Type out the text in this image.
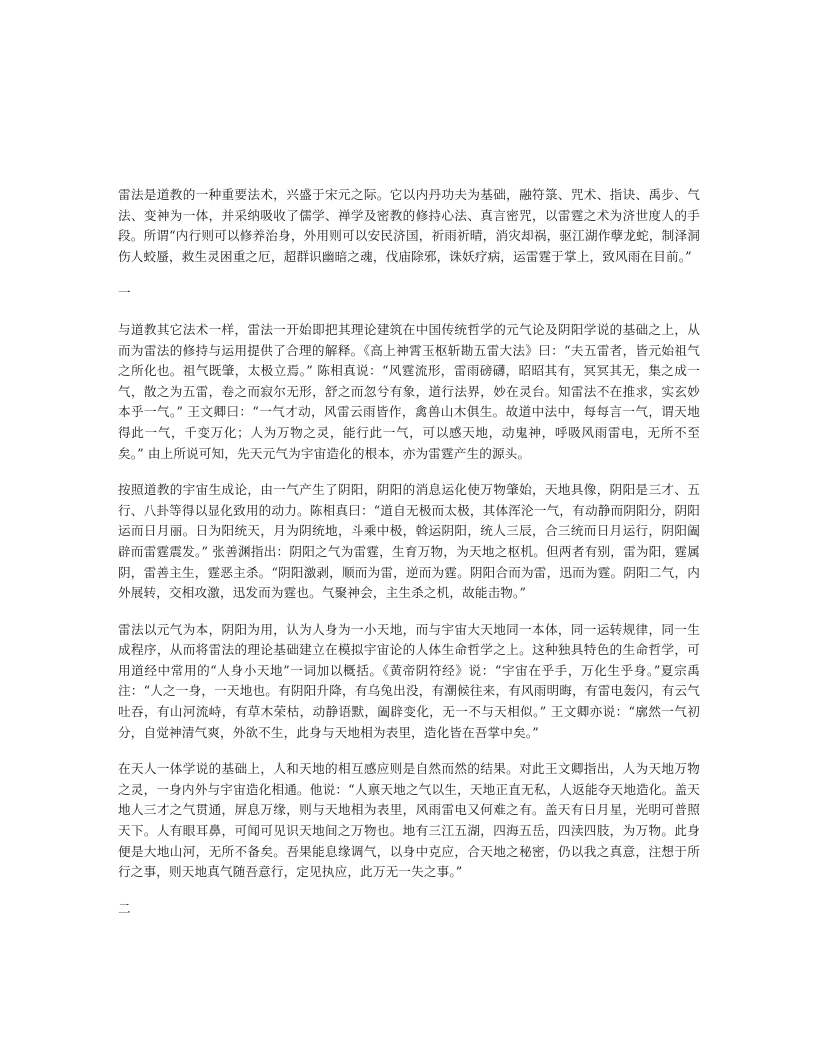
雷法是道教的一种重要法术，兴盛于宋元之际。它以内丹功夫为基础，融符箓、咒术、指诀、禹步、气法、变神为一体，并采纳吸收了儒学、禅学及密教的修持心法、真言密咒，以雷霆之术为济世度人的手段。所谓“内行则可以修养治身，外用则可以安民济国，祈雨祈晴，消灾却祸，驱江湖作孽龙蛇，制泽洞伤人蛟蜃，救生灵困重之厄，超群识幽暗之魂，伐庙除邪，诛妖疗病，运雷霆于掌上，致风雨在目前。”

一

与道教其它法术一样，雷法一开始即把其理论建筑在中国传统哲学的元气论及阴阳学说的基础之上，从而为雷法的修持与运用提供了合理的解释。《高上神霄玉枢斩勘五雷大法》曰：“夫五雷者，皆元始祖气之所化也。祖气既肇，太极立焉。” 陈相真说：“风霆流形，雷雨磅礴，昭昭其有，冥冥其无，集之成一气，散之为五雷，卷之而寂尔无形，舒之而忽兮有象，道行法界，妙在灵台。知雷法不在推求，实玄妙本乎一气。” 王文卿曰：“一气才动，风雷云雨皆作，禽兽山木俱生。故道中法中，每每言一气，谓天地得此一气，千变万化；人为万物之灵，能行此一气，可以感天地，动鬼神，呼吸风雨雷电，无所不至矣。” 由上所说可知，先天元气为宇宙造化的根本，亦为雷霆产生的源头。

按照道教的宇宙生成论，由一气产生了阴阳，阴阳的消息运化使万物肇始，天地具像，阴阳是三才、五行、八卦等得以显化致用的动力。陈相真曰：“道自无极而太极，其体浑沦一气，有动静而阴阳分，阴阳运而日月丽。日为阳统天，月为阴统地，斗乘中极，斡运阴阳，统人三辰，合三统而日月运行，阴阳阖辟而雷霆震发。” 张善渊指出：阴阳之气为雷霆，生育万物，为天地之枢机。但两者有别，雷为阳，霆属阴，雷善主生，霆恶主杀。“阴阳激剥，顺而为雷，逆而为霆。阴阳合而为雷，迅而为霆。阴阳二气，内外展转，交相攻激，迅发而为霆也。气聚神会，主生杀之机，故能击物。”

雷法以元气为本，阴阳为用，认为人身为一小天地，而与宇宙大天地同一本体，同一运转规律，同一生成程序，从而将雷法的理论基础建立在模拟宇宙论的人体生命哲学之上。这种独具特色的生命哲学，可用道经中常用的“人身小天地”一词加以概括。《黄帝阴符经》说：“宇宙在乎手，万化生乎身。”夏宗禹注：“人之一身，一天地也。有阴阳升降，有乌兔出没，有潮候往来，有风雨明晦，有雷电轰闪，有云气吐吞，有山河流峙，有草木荣枯，动静语默，阖辟变化，无一不与天相似。” 王文卿亦说：“廓然一气初分，自觉神清气爽，外欲不生，此身与天地相为表里，造化皆在吾掌中矣。”

在天人一体学说的基础上，人和天地的相互感应则是自然而然的结果。对此王文卿指出，人为天地万物之灵，一身内外与宇宙造化相通。他说：“人禀天地之气以生，天地正直无私，人返能夺天地造化。盖天地人三才之气贯通，屏息万缘，则与天地相为表里，风雨雷电又何难之有。盖天有日月星，光明可普照天下。人有眼耳鼻，可闻可见识天地间之万物也。地有三江五湖，四海五岳，四渎四肢，为万物。此身便是大地山河，无所不备矣。吾果能息缘调气，以身中克应，合天地之秘密，仍以我之真意，注想于所行之事，则天地真气随吾意行，定见执应，此万无一失之事。”

二
